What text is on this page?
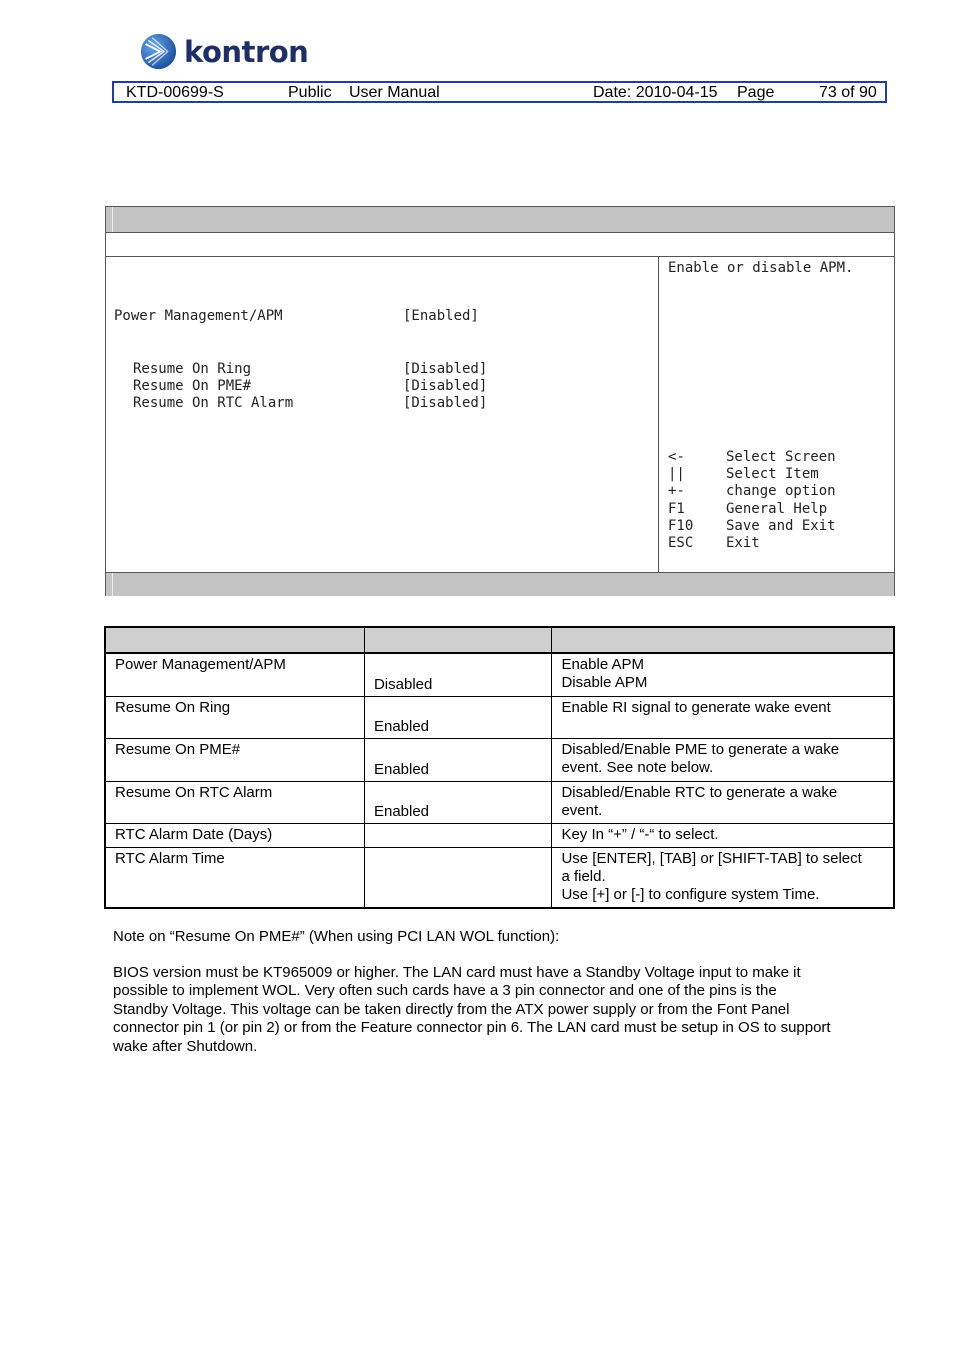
kontron
KTD-00699-S	Public User Manual	Date: 2010-04-15 Page	73 of 90
Power Management/APM	[Enabled]
Resume On Ring	[Disabled]
Resume On PME#	[Disabled]
Resume On RTC Alarm	[Disabled]
Enable or disable APM.
<-	Select Screen
||	Select Item
+-	change option
F1	General Help
F10 Save and Exit
ESC Exit

Power Management/APM	Disabled	Enable APM
Disable APM

Resume On Ring	Enabled	Enable RI signal to generate wake event

Resume On PME#	Enabled	Disabled/Enable PME to generate a wake
event. See note below.

Resume On RTC Alarm	Enabled	Disabled/Enable RTC to generate a wake
event.

RTC Alarm Date (Days)		Key In “+” / “-“ to select.

RTC Alarm Time		Use [ENTER], [TAB] or [SHIFT-TAB] to select
a field.
Use [+] or [-] to configure system Time.
Note on “Resume On PME#” (When using PCI LAN WOL function):
BIOS version must be KT965009 or higher. The LAN card must have a Standby Voltage input to make it
possible to implement WOL. Very often such cards have a 3 pin connector and one of the pins is the
Standby Voltage. This voltage can be taken directly from the ATX power supply or from the Font Panel
connector pin 1 (or pin 2) or from the Feature connector pin 6. The LAN card must be setup in OS to support
wake after Shutdown.
